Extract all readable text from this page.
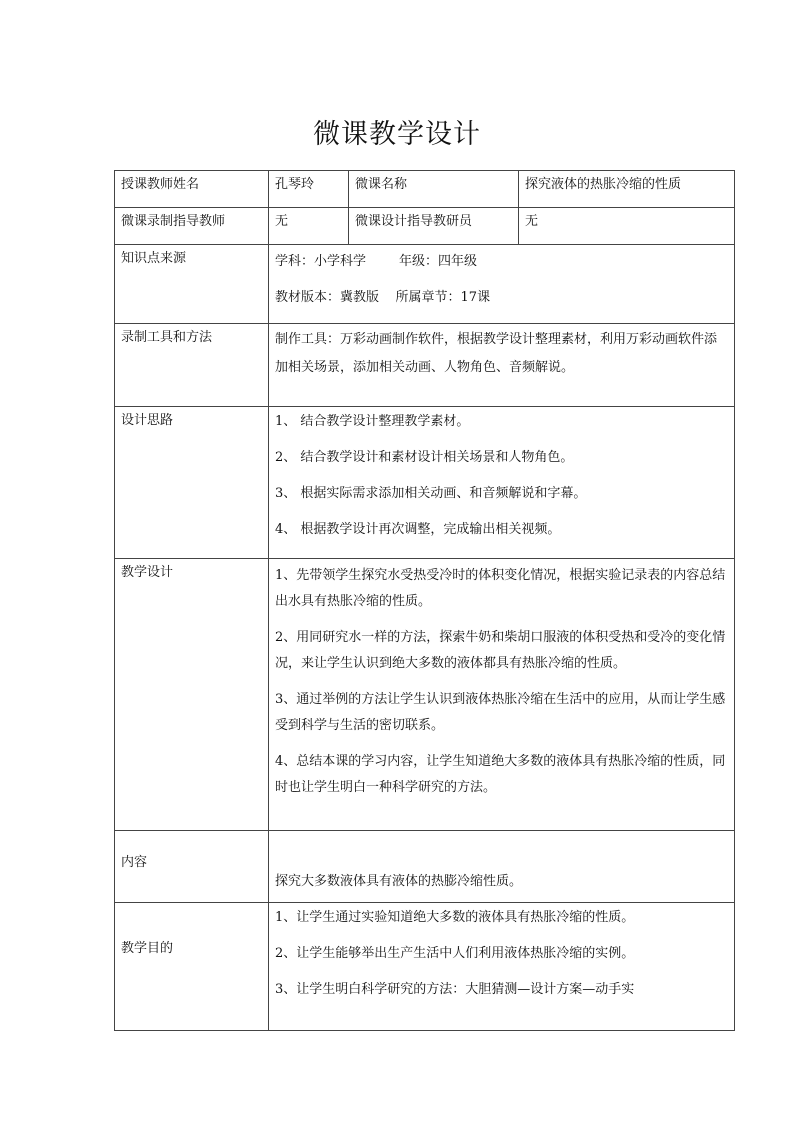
微课教学设计
授课教师姓名	孔琴玲	微课名称	探究液体的热胀冷缩的性质
微课录制指导教师	无	微课设计指导教研员	无
知识点来源	学科：小学科学        年级：四年级

教材版本：冀教版    所属章节：17课		

录制工具和方法	制作工具：万彩动画制作软件，根据教学设计整理素材，利用万彩动画软件添加相关场景，添加相关动画、人物角色、音频解说。		
设计思路	1、 结合教学设计整理教学素材。

2、 结合教学设计和素材设计相关场景和人物角色。

3、 根据实际需求添加相关动画、和音频解说和字幕。

4、 根据教学设计再次调整，完成输出相关视频。		

教学设计	1、先带领学生探究水受热受冷时的体积变化情况，根据实验记录表的内容总结出水具有热胀冷缩的性质。

2、用同研究水一样的方法，探索牛奶和柴胡口服液的体积受热和受冷的变化情况，来让学生认识到绝大多数的液体都具有热胀冷缩的性质。

3、通过举例的方法让学生认识到液体热胀冷缩在生活中的应用，从而让学生感受到科学与生活的密切联系。

4、总结本课的学习内容，让学生知道绝大多数的液体具有热胀冷缩的性质，同时也让学生明白一种科学研究的方法。		

内容	探究大多数液体具有液体的热膨冷缩性质。		
教学目的	1、让学生通过实验知道绝大多数的液体具有热胀冷缩的性质。

2、让学生能够举出生产生活中人们利用液体热胀冷缩的实例。

3、让学生明白科学研究的方法：大胆猜测—设计方案—动手实		
